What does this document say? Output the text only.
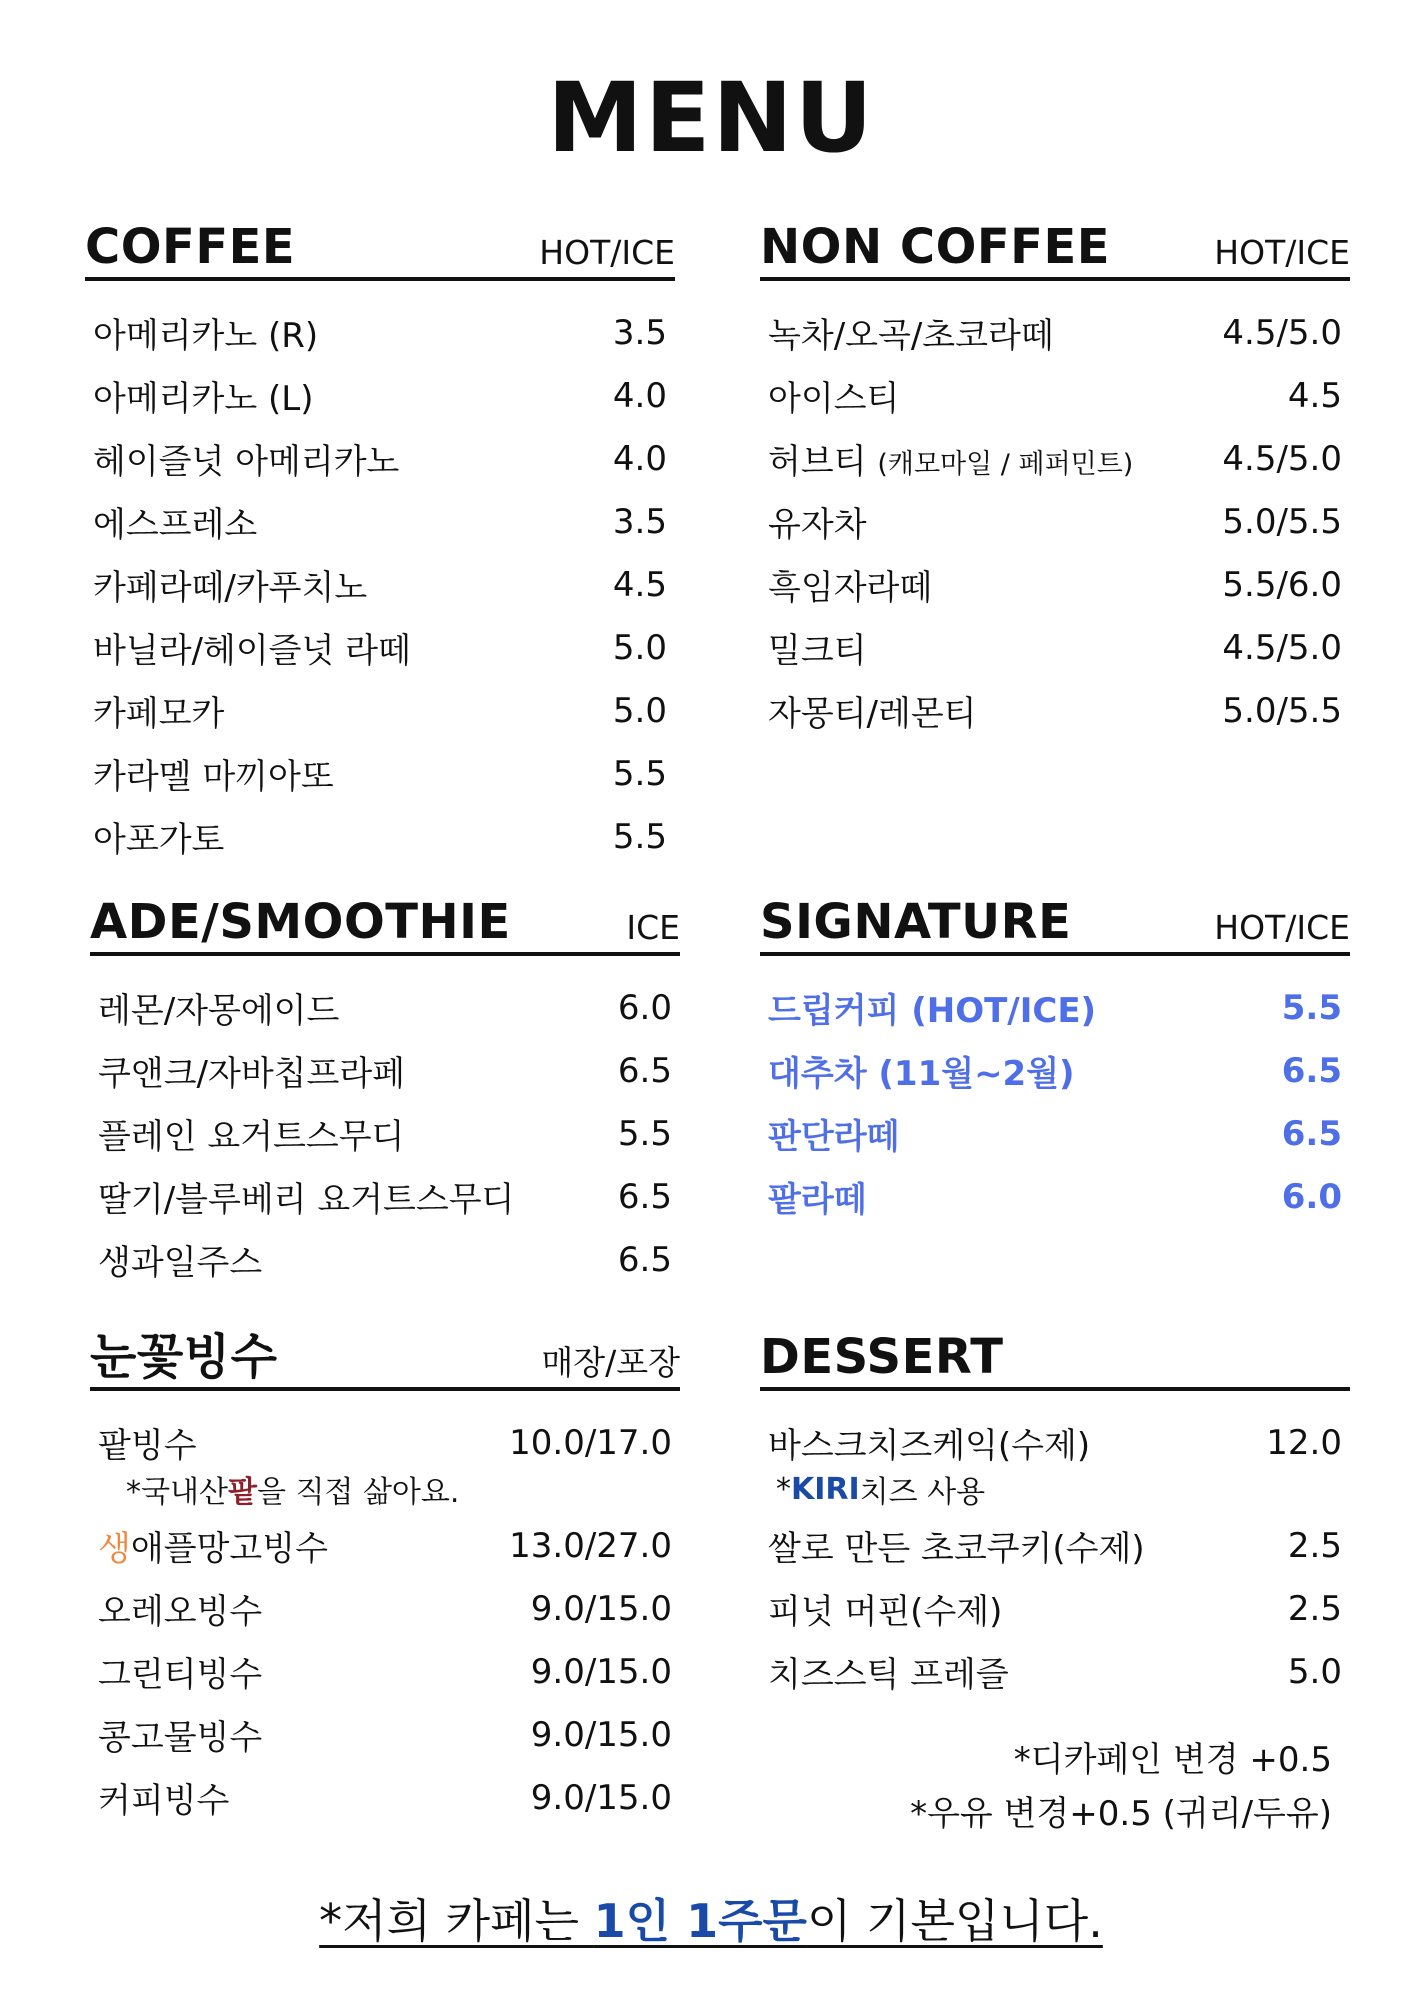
MENU
COFFEE	HOT/ICE
아메리카노 (R)	3.5
아메리카노 (L)	4.0
헤이즐넛 아메리카노	4.0
에스프레소	3.5
카페라떼/카푸치노	4.5
바닐라/헤이즐넛 라떼	5.0
카페모카	5.0
카라멜 마끼아또	5.5
아포가토	5.5
NON COFFEE	HOT/ICE
녹차/오곡/초코라떼	4.5/5.0
아이스티	4.5
허브티 (캐모마일 / 페퍼민트)	4.5/5.0
유자차	5.0/5.5
흑임자라떼	5.5/6.0
밀크티	4.5/5.0
자몽티/레몬티	5.0/5.5
ADE/SMOOTHIE	ICE
레몬/자몽에이드	6.0
쿠앤크/자바칩프라페	6.5
플레인 요거트스무디	5.5
딸기/블루베리 요거트스무디	6.5
생과일주스	6.5
SIGNATURE	HOT/ICE
드립커피 (HOT/ICE)	5.5
대추차 (11월~2월)	6.5
판단라떼	6.5
팥라떼	6.0
눈꽃빙수	매장/포장
팥빙수	10.0/17.0
*국내산 팥 을 직접 삶아요.
생애플망고빙수	13.0/27.0
오레오빙수	9.0/15.0
그린티빙수	9.0/15.0
콩고물빙수	9.0/15.0
커피빙수	9.0/15.0
DESSERT
바스크치즈케익(수제)	12.0
* KIRI 치즈 사용
쌀로 만든 초코쿠키(수제)	2.5
피넛 머핀(수제)	2.5
치즈스틱 프레즐	5.0
*디카페인 변경 +0.5
*우유 변경+0.5 (귀리/두유)
*저희 카페는 1인 1주문이 기본입니다.
